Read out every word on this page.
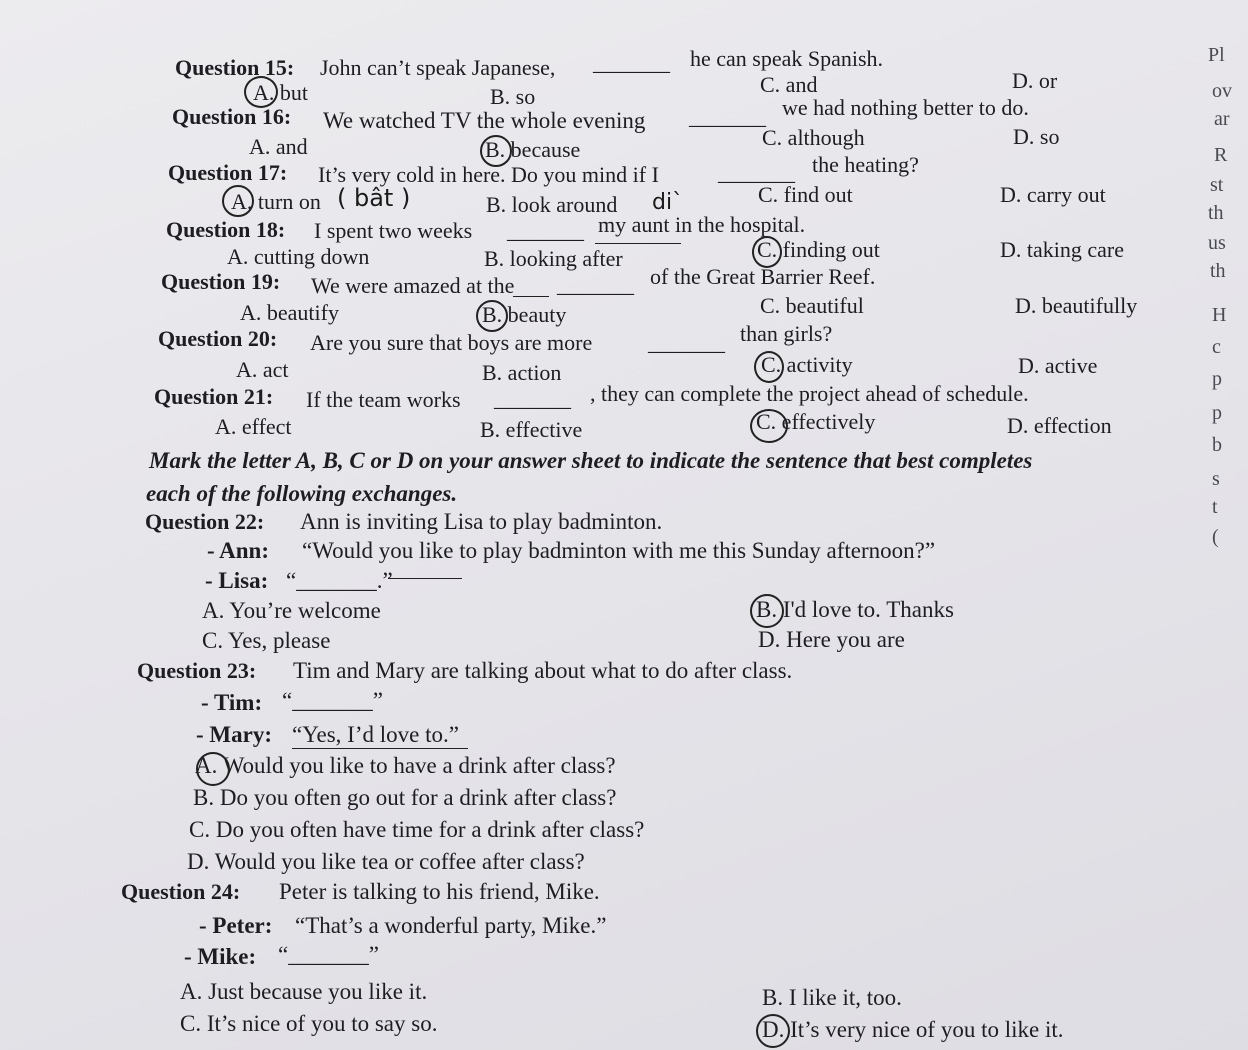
Pl
ov
ar
R
st
th
us
th
H
c
p
p
b
s
t
(
Question 15: John can’t speak Japanese, _______ he can speak Spanish.
A. but	B. so	C. and	D. or
Question 16: We watched TV the whole evening _______ we had nothing better to do.
A. and	B. because	C. although	D. so
Question 17: It’s very cold in here. Do you mind if I	_______ the heating?
A. turn on ( bât )	B. look around di`	C. find out	D. carry out
Question 18: I spent two weeks _______ my aunt in the hospital.
A. cutting down	B. looking after	C. finding out	D. taking care
Question 19: We were amazed at the _______ of the Great Barrier Reef.
A. beautify	B. beauty	C. beautiful	D. beautifully
Question 20: Are you sure that boys are more	_______ than girls?
A. act	B. action	C. activity	D. active
Question 21: If the team works _______ , they can complete the project ahead of schedule.
A. effect	B. effective	C. effectively	D. effection
Mark the letter A, B, C or D on your answer sheet to indicate the sentence that best completes
each of the following exchanges.
Question 22: Ann is inviting Lisa to play badminton.
- Ann: “Would you like to play badminton with me this Sunday afternoon?”
- Lisa: “_______.”
A. You’re welcome	B. I'd love to. Thanks
C. Yes, please	D. Here you are
Question 23: Tim and Mary are talking about what to do after class.
- Tim: “_______”
- Mary: “Yes, I’d love to.”
A. Would you like to have a drink after class?
B. Do you often go out for a drink after class?
C. Do you often have time for a drink after class?
D. Would you like tea or coffee after class?
Question 24: Peter is talking to his friend, Mike.
- Peter: “That’s a wonderful party, Mike.”
- Mike: “_______”
A. Just because you like it.	B. I like it, too.
C. It’s nice of you to say so.	D. It’s very nice of you to like it.
